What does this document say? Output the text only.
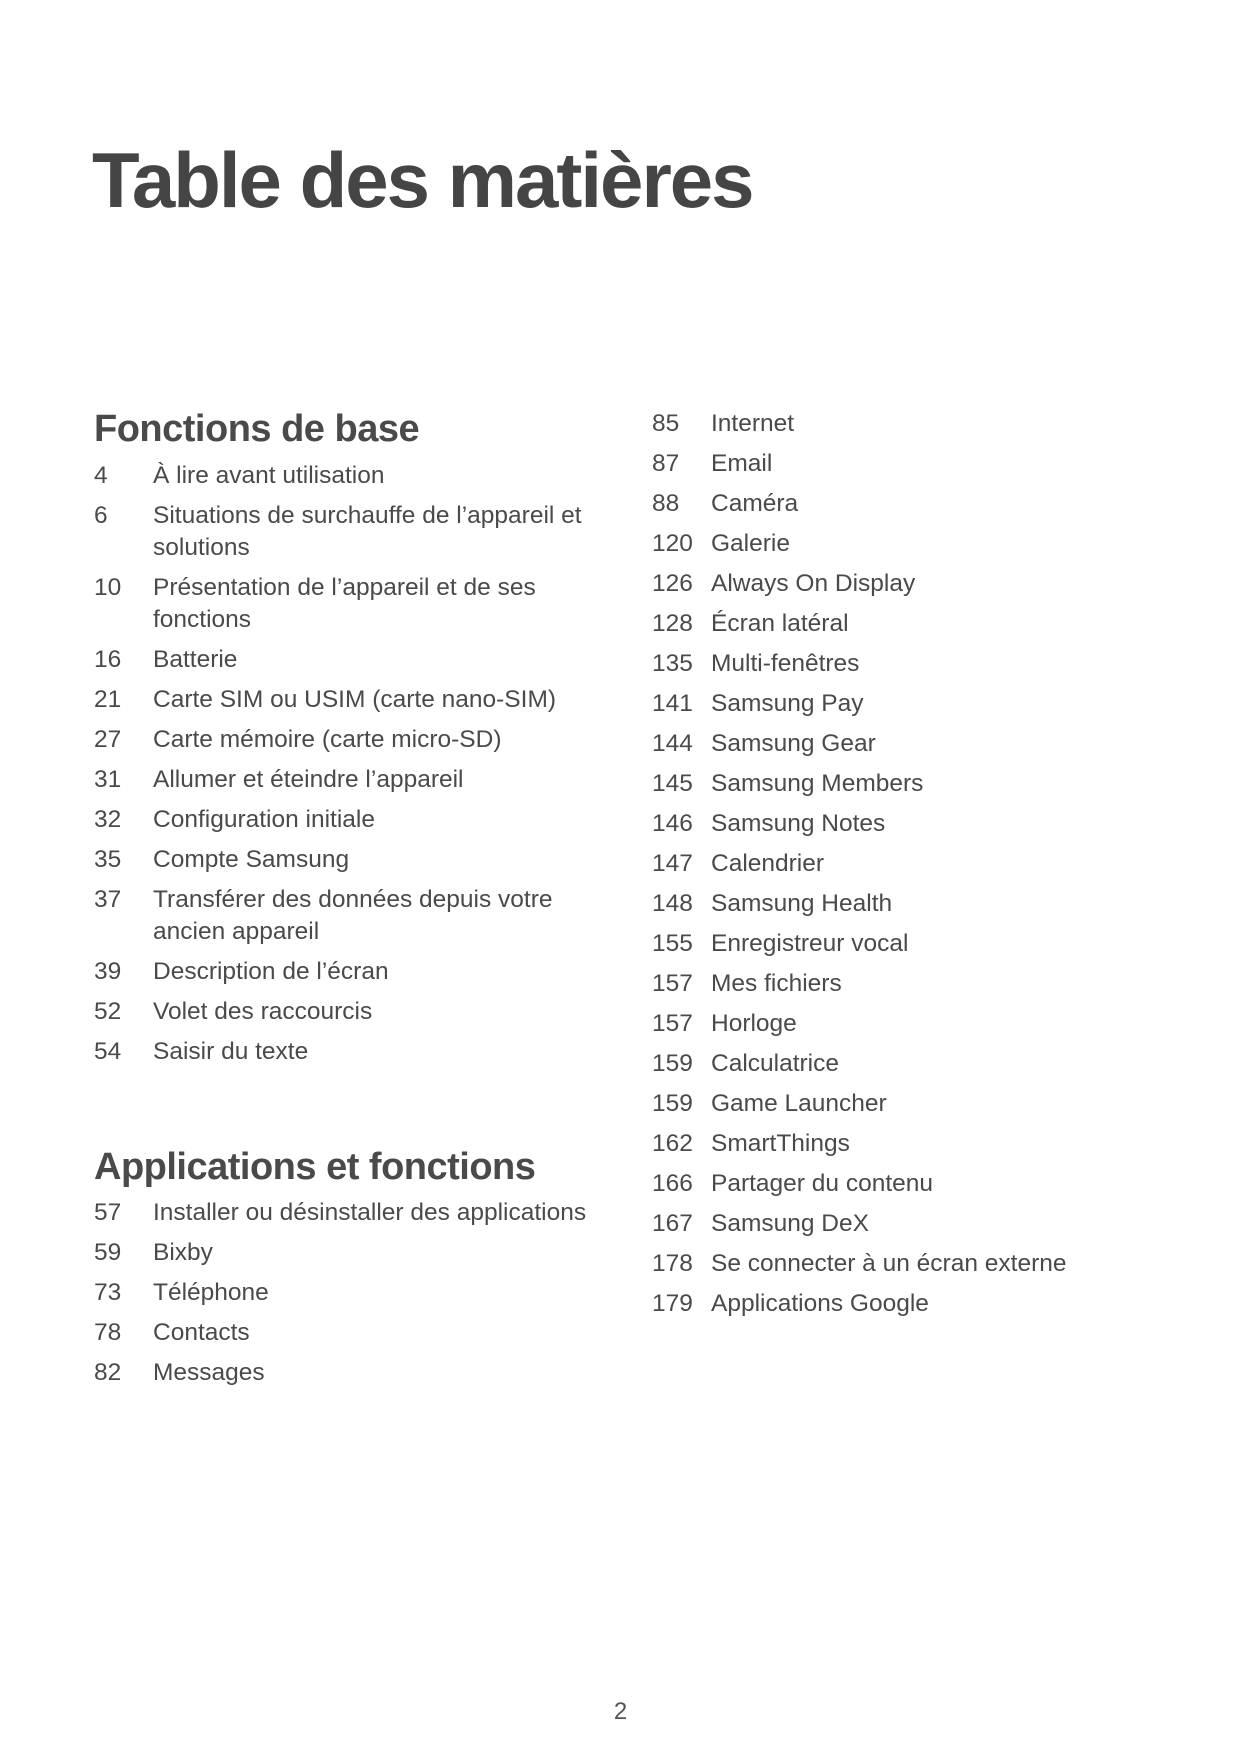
Table des matières
Fonctions de base
4	À lire avant utilisation
6	Situations de surchauffe de l’appareil et solutions
10	Présentation de l’appareil et de ses fonctions
16	Batterie
21	Carte SIM ou USIM (carte nano-SIM)
27	Carte mémoire (carte micro-SD)
31	Allumer et éteindre l’appareil
32	Configuration initiale
35	Compte Samsung
37	Transférer des données depuis votre ancien appareil
39	Description de l’écran
52	Volet des raccourcis
54	Saisir du texte
Applications et fonctions
57	Installer ou désinstaller des applications
59	Bixby
73	Téléphone
78	Contacts
82	Messages
85	Internet
87	Email
88	Caméra
120 Galerie
126 Always On Display
128 Écran latéral
135 Multi-fenêtres
141 Samsung Pay
144 Samsung Gear
145 Samsung Members
146 Samsung Notes
147 Calendrier
148 Samsung Health
155 Enregistreur vocal
157 Mes fichiers
157 Horloge
159 Calculatrice
159 Game Launcher
162 SmartThings
166 Partager du contenu
167 Samsung DeX
178 Se connecter à un écran externe
179 Applications Google
2
